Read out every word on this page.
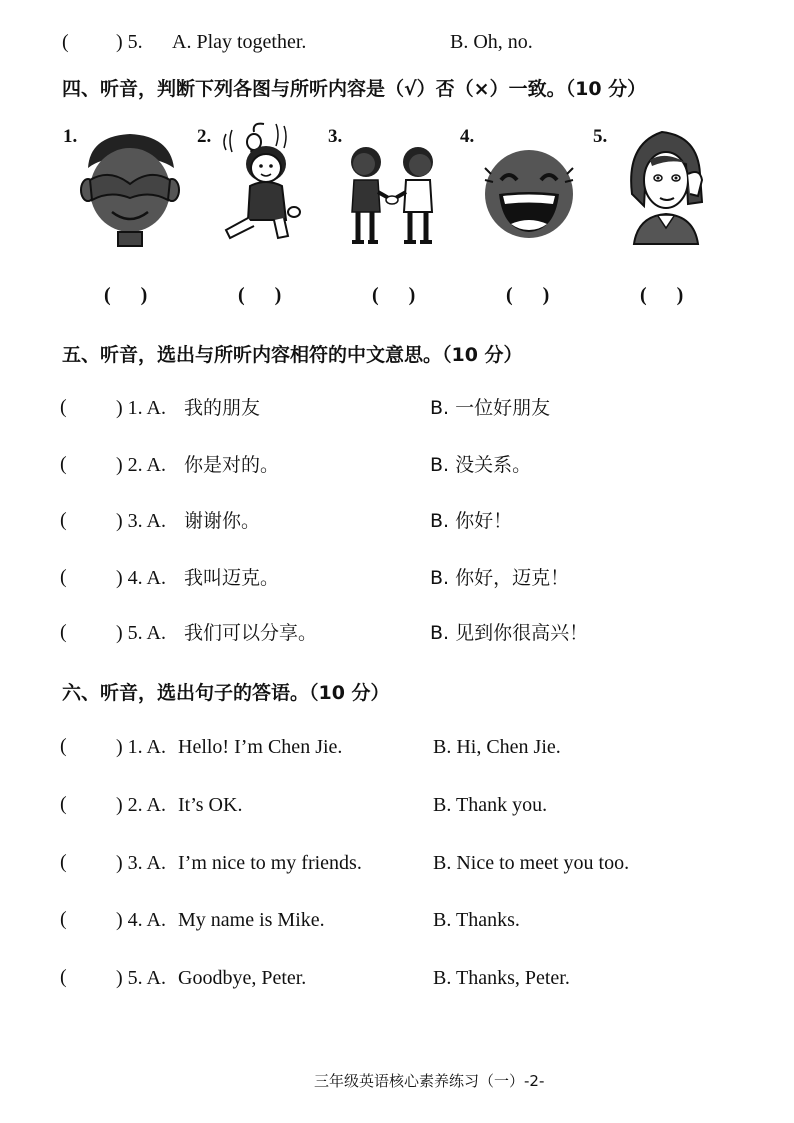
( ) 5. A. Play together.	B. Oh, no.
四、听音，判断下列各图与所听内容是（√）否（×）一致。（10 分）
1.	2.	3.	4.	5.
(      )	(      )	(      )	(      )	(      )
五、听音，选出与所听内容相符的中文意思。（10 分）
( ) 1. A. 我的朋友	B. 一位好朋友
( ) 2. A. 你是对的。	B. 没关系。
( ) 3. A. 谢谢你。	B. 你好！
( ) 4. A. 我叫迈克。	B. 你好，迈克！
( ) 5. A. 我们可以分享。	B. 见到你很高兴！
六、听音，选出句子的答语。（10 分）
( ) 1. A. Hello! I’m Chen Jie.	B. Hi, Chen Jie.
( ) 2. A. It’s OK.	B. Thank you.
( ) 3. A. I’m nice to my friends.	B. Nice to meet you too.
( ) 4. A. My name is Mike.	B. Thanks.
( ) 5. A. Goodbye, Peter.	B. Thanks, Peter.
三年级英语核心素养练习（一）-2-
